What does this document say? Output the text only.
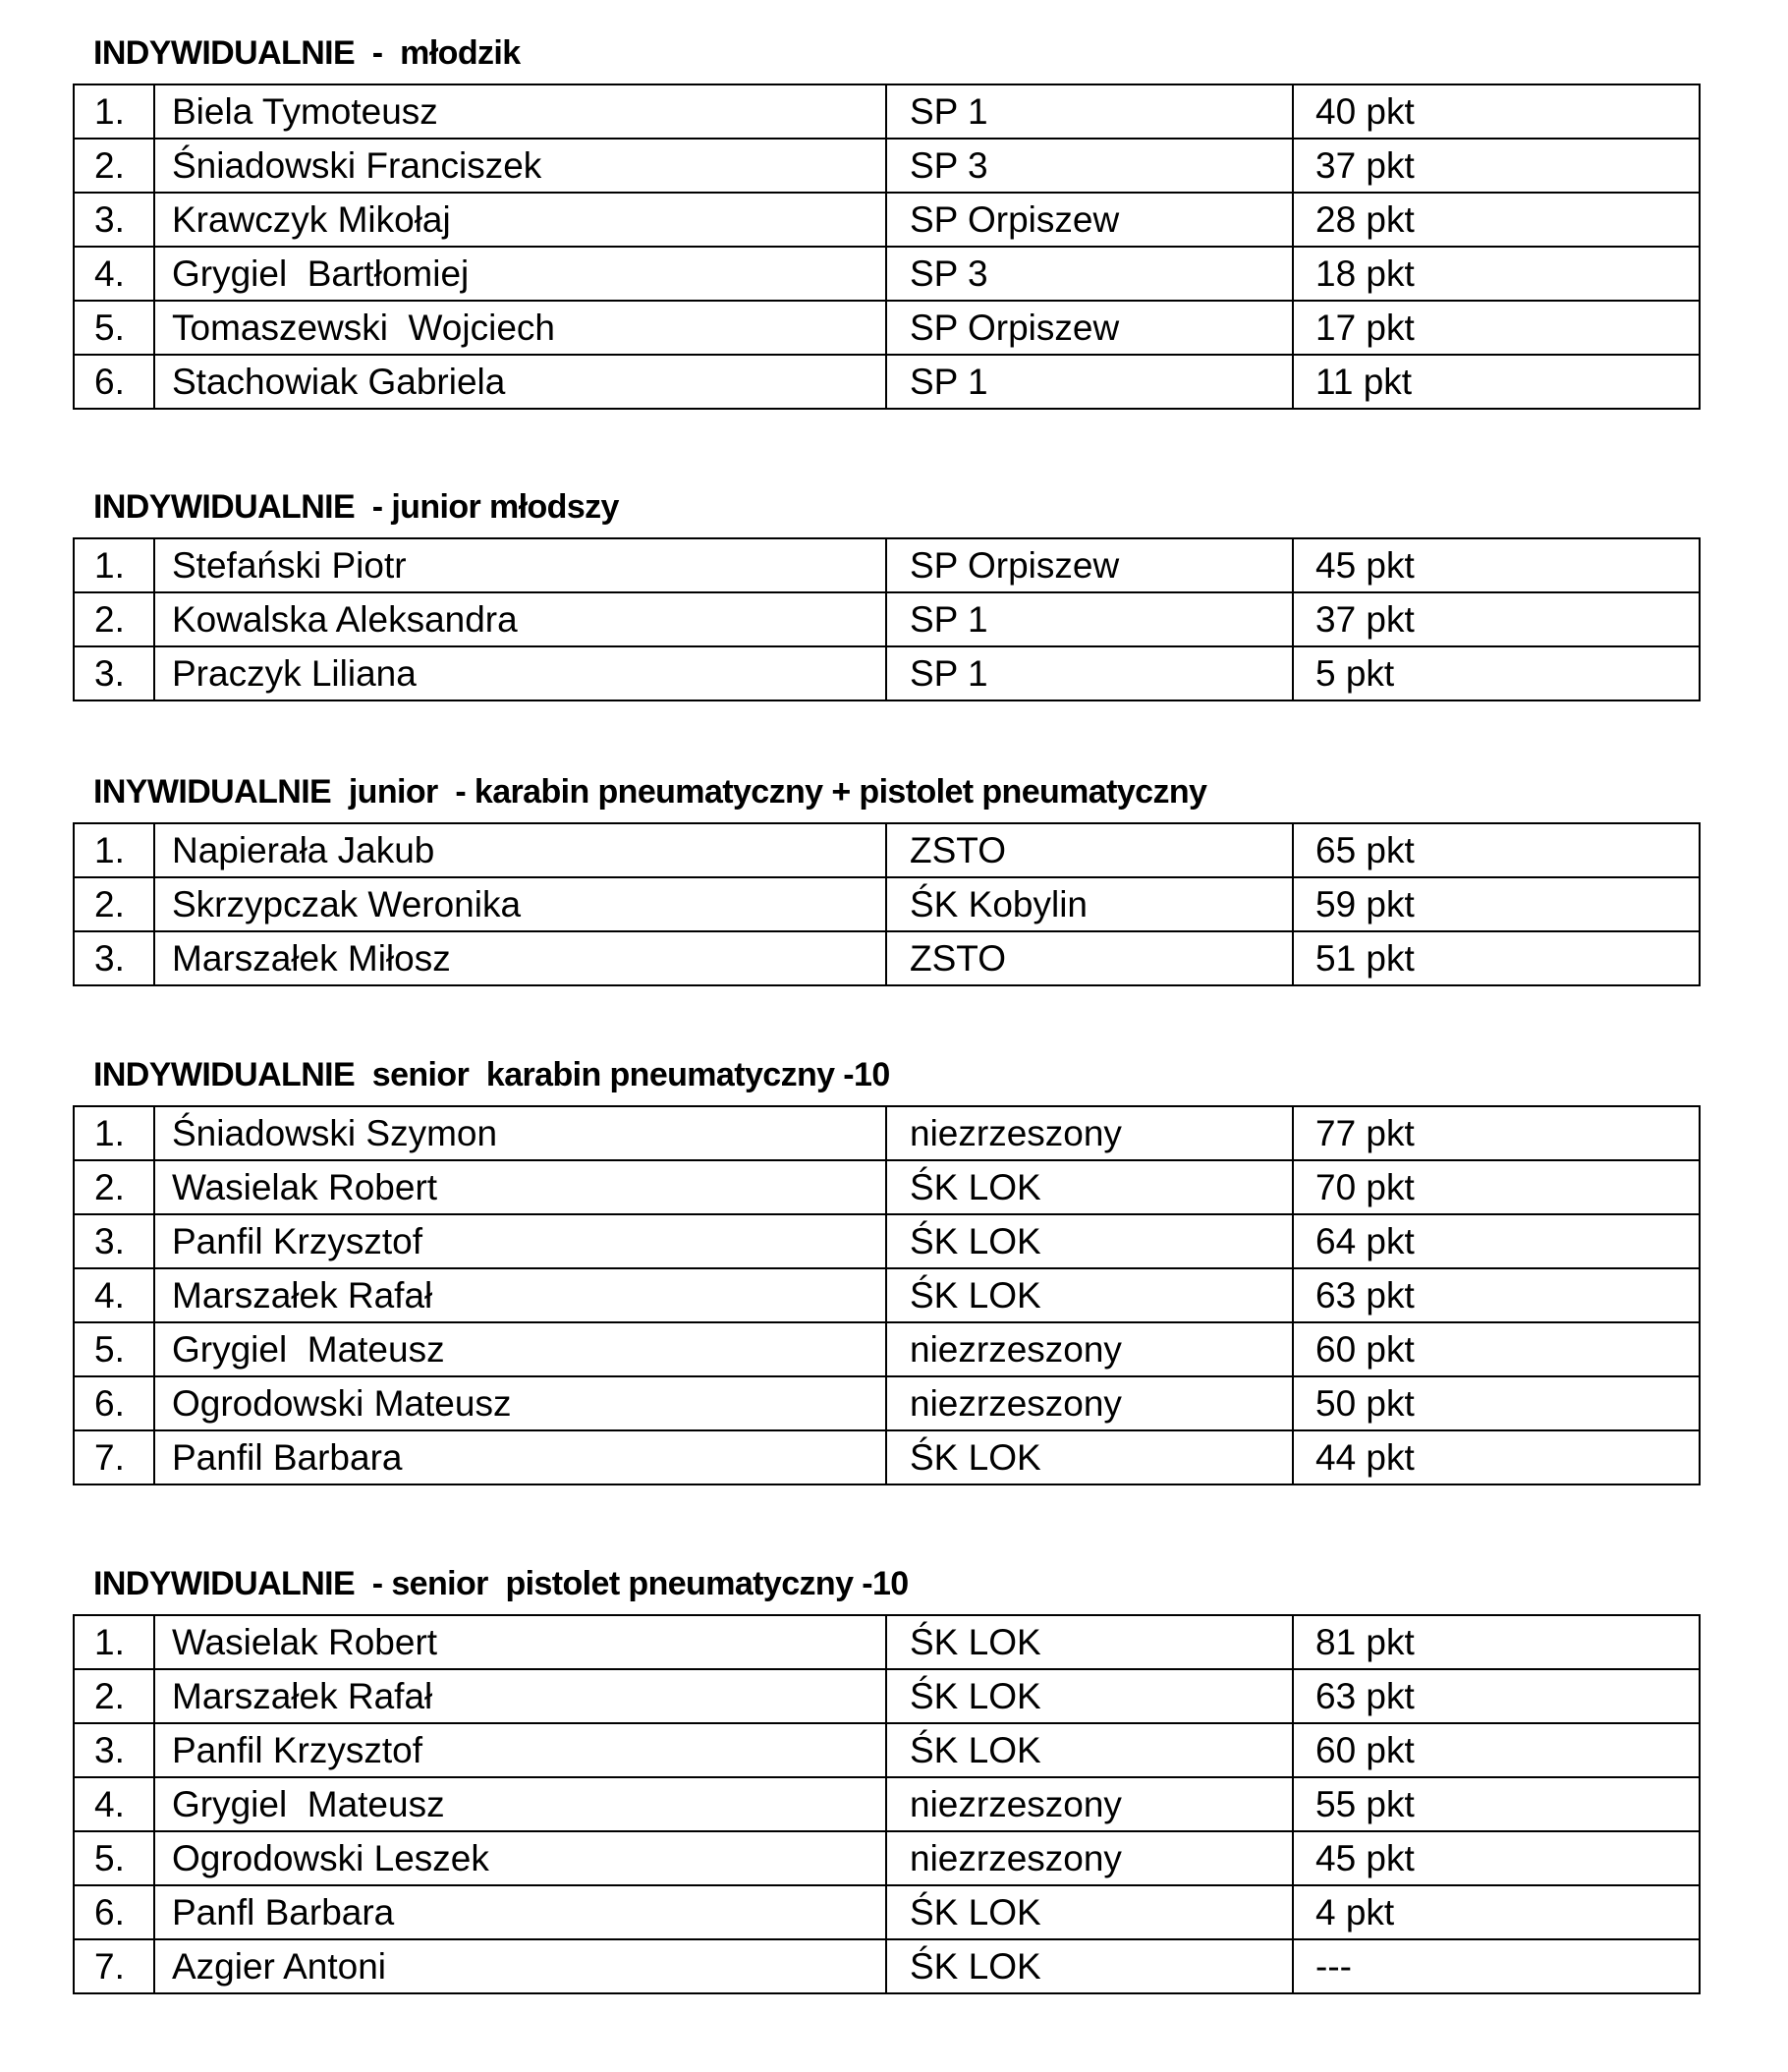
INDYWIDUALNIE  -  młodzik
1.	Biela Tymoteusz	SP 1	40 pkt
2.	Śniadowski Franciszek	SP 3	37 pkt
3.	Krawczyk Mikołaj	SP Orpiszew	28 pkt
4.	Grygiel  Bartłomiej	SP 3	18 pkt
5.	Tomaszewski  Wojciech	SP Orpiszew	17 pkt
6.	Stachowiak Gabriela	SP 1	11 pkt
INDYWIDUALNIE  - junior młodszy
1.	Stefański Piotr	SP Orpiszew	45 pkt
2.	Kowalska Aleksandra	SP 1	37 pkt
3.	Praczyk Liliana	SP 1	5 pkt
INYWIDUALNIE  junior  - karabin pneumatyczny + pistolet pneumatyczny
1.	Napierała Jakub	ZSTO	65 pkt
2.	Skrzypczak Weronika	ŚK Kobylin	59 pkt
3.	Marszałek Miłosz	ZSTO	51 pkt
INDYWIDUALNIE  senior  karabin pneumatyczny -10
1.	Śniadowski Szymon	niezrzeszony	77 pkt
2.	Wasielak Robert	ŚK LOK	70 pkt
3.	Panfil Krzysztof	ŚK LOK	64 pkt
4.	Marszałek Rafał	ŚK LOK	63 pkt
5.	Grygiel  Mateusz	niezrzeszony	60 pkt
6.	Ogrodowski Mateusz	niezrzeszony	50 pkt
7.	Panfil Barbara	ŚK LOK	44 pkt
INDYWIDUALNIE  - senior  pistolet pneumatyczny -10
1.	Wasielak Robert	ŚK LOK	81 pkt
2.	Marszałek Rafał	ŚK LOK	63 pkt
3.	Panfil Krzysztof	ŚK LOK	60 pkt
4.	Grygiel  Mateusz	niezrzeszony	55 pkt
5.	Ogrodowski Leszek	niezrzeszony	45 pkt
6.	Panfl Barbara	ŚK LOK	4 pkt
7.	Azgier Antoni	ŚK LOK	---
